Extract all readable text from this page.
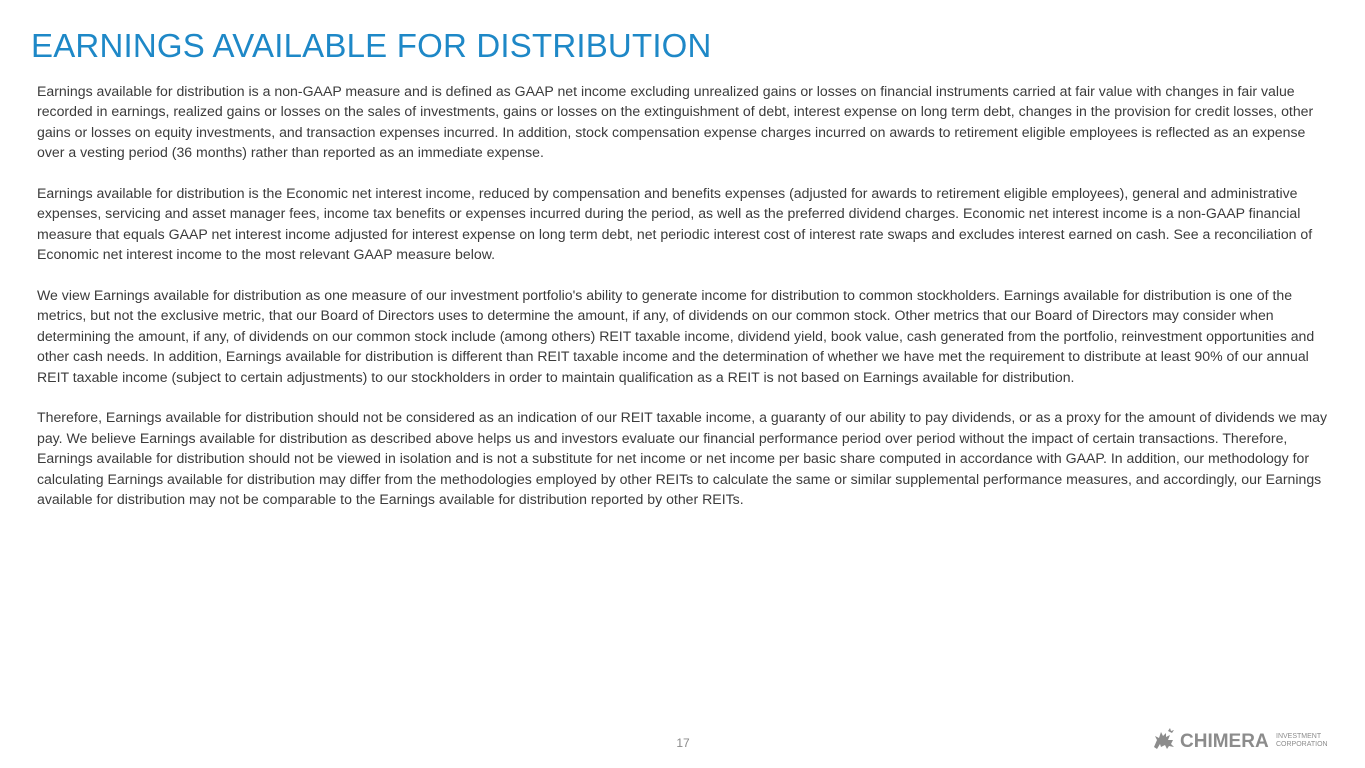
EARNINGS AVAILABLE FOR DISTRIBUTION

Earnings available for distribution is a non-GAAP measure and is defined as GAAP net income excluding unrealized gains or losses on financial instruments carried at fair value with changes in fair value recorded in earnings, realized gains or losses on the sales of investments, gains or losses on the extinguishment of debt, interest expense on long term debt, changes in the provision for credit losses, other gains or losses on equity investments, and transaction expenses incurred. In addition, stock compensation expense charges incurred on awards to retirement eligible employees is reflected as an expense over a vesting period (36 months) rather than reported as an immediate expense.

Earnings available for distribution is the Economic net interest income, reduced by compensation and benefits expenses (adjusted for awards to retirement eligible employees), general and administrative expenses, servicing and asset manager fees, income tax benefits or expenses incurred during the period, as well as the preferred dividend charges. Economic net interest income is a non-GAAP financial measure that equals GAAP net interest income adjusted for interest expense on long term debt, net periodic interest cost of interest rate swaps and excludes interest earned on cash. See a reconciliation of Economic net interest income to the most relevant GAAP measure below.

We view Earnings available for distribution as one measure of our investment portfolio's ability to generate income for distribution to common stockholders. Earnings available for distribution is one of the metrics, but not the exclusive metric, that our Board of Directors uses to determine the amount, if any, of dividends on our common stock. Other metrics that our Board of Directors may consider when determining the amount, if any, of dividends on our common stock include (among others) REIT taxable income, dividend yield, book value, cash generated from the portfolio, reinvestment opportunities and other cash needs. In addition, Earnings available for distribution is different than REIT taxable income and the determination of whether we have met the requirement to distribute at least 90% of our annual REIT taxable income (subject to certain adjustments) to our stockholders in order to maintain qualification as a REIT is not based on Earnings available for distribution.

Therefore, Earnings available for distribution should not be considered as an indication of our REIT taxable income, a guaranty of our ability to pay dividends, or as a proxy for the amount of dividends we may pay. We believe Earnings available for distribution as described above helps us and investors evaluate our financial performance period over period without the impact of certain transactions. Therefore, Earnings available for distribution should not be viewed in isolation and is not a substitute for net income or net income per basic share computed in accordance with GAAP. In addition, our methodology for calculating Earnings available for distribution may differ from the methodologies employed by other REITs to calculate the same or similar supplemental performance measures, and accordingly, our Earnings available for distribution may not be comparable to the Earnings available for distribution reported by other REITs.

17	CHIMERA INVESTMENT
CORPORATION
